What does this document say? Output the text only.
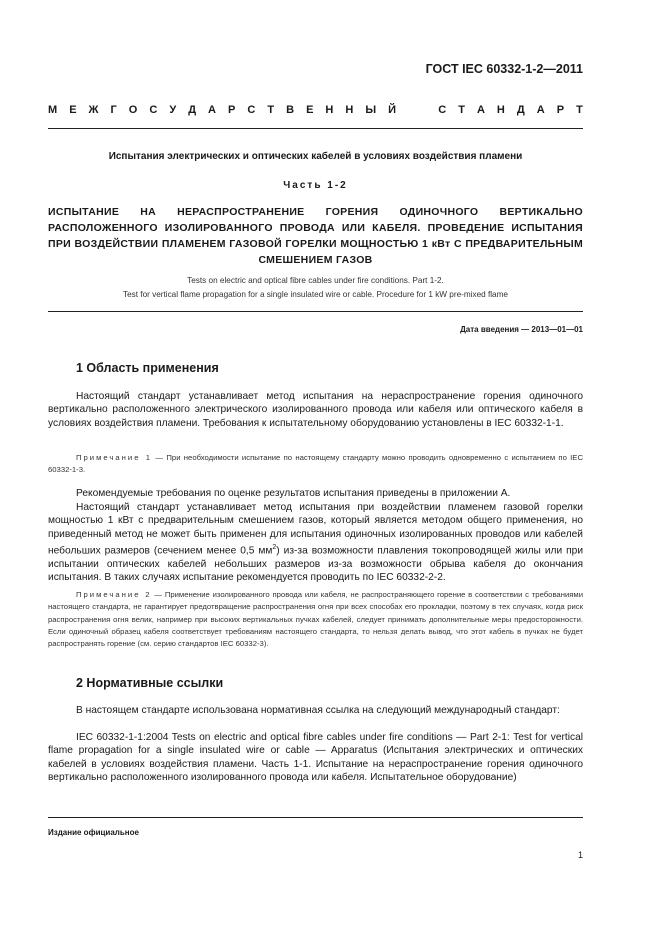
ГОСТ IEC 60332-1-2—2011
М Е Ж Г О С У Д А Р С Т В Е Н Н Ы Й

	С Т А Н Д А Р Т
Испытания электрических и оптических кабелей в условиях воздействия пламени
Часть 1-2
ИСПЫТАНИЕ НА НЕРАСПРОСТРАНЕНИЕ ГОРЕНИЯ ОДИНОЧНОГО ВЕРТИКАЛЬНО РАСПОЛОЖЕННОГО ИЗОЛИРОВАННОГО ПРОВОДА ИЛИ КАБЕЛЯ. ПРОВЕДЕНИЕ ИСПЫТАНИЯ ПРИ ВОЗДЕЙСТВИИ ПЛАМЕНЕМ ГАЗОВОЙ ГОРЕЛКИ МОЩНОСТЬЮ 1 кВт С ПРЕДВАРИТЕЛЬНЫМ СМЕШЕНИЕМ ГАЗОВ
Tests on electric and optical fibre cables under fire conditions. Part 1-2.
Test for vertical flame propagation for a single insulated wire or cable. Procedure for 1 kW pre-mixed flame
Дата введения — 2013—01—01
1 Область применения
Настоящий стандарт устанавливает метод испытания на нераспространение горения одиночного вертикально расположенного электрического изолированного провода или кабеля или оптического кабеля в условиях воздействия пламени. Требования к испытательному оборудованию установлены в IEC 60332-1-1.
Примечание 1 — При необходимости испытание по настоящему стандарту можно проводить одновременно с испытанием по IEC 60332-1-3.
Рекомендуемые требования по оценке результатов испытания приведены в приложении А.
Настоящий стандарт устанавливает метод испытания при воздействии пламенем газовой горелки мощностью 1 кВт с предварительным смешением газов, который является методом общего применения, но приведенный метод не может быть применен для испытания одиночных изолированных проводов или кабелей небольших размеров (сечением менее 0,5 $мм^2$) из-за возможности плавления токопроводящей жилы или при испытании оптических кабелей небольших размеров из-за возможности обрыва кабеля до окончания испытания. В таких случаях испытание рекомендуется проводить по IEC 60332-2-2.
Примечание 2 — Применение изолированного провода или кабеля, не распространяющего горение в соответствии с требованиями настоящего стандарта, не гарантирует предотвращение распространения огня при всех способах его прокладки, поэтому в тех случаях, когда риск распространения огня велик, например при высоких вертикальных пучках кабелей, следует принимать дополнительные меры предосторожности. Если одиночный образец кабеля соответствует требованиям настоящего стандарта, то нельзя делать вывод, что этот кабель в пучках не будет распространять горение (см. серию стандартов IEC 60332-3).
2 Нормативные ссылки
В настоящем стандарте использована нормативная ссылка на следующий международный стандарт:
IEC 60332-1-1:2004 Tests on electric and optical fibre cables under fire conditions — Part 2-1: Test for vertical flame propagation for a single insulated wire or cable — Apparatus (Испытания электрических и оптических кабелей в условиях воздействия пламени. Часть 1-1. Испытание на нераспространение горения одиночного вертикально расположенного изолированного провода или кабеля. Испытательное оборудование)
Издание официальное
1
